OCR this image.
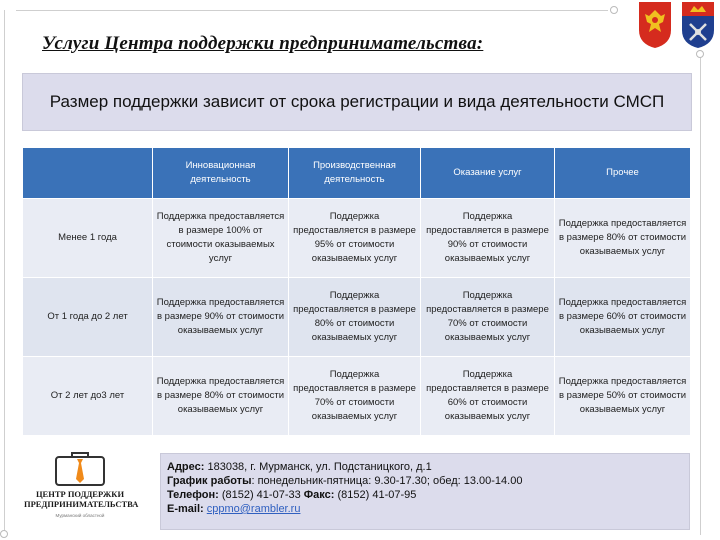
Услуги Центра поддержки предпринимательства:
Размер поддержки зависит от срока регистрации и вида деятельности СМСП
	Инновационная деятельность	Производственная деятельность	Оказание услуг	Прочее
Менее 1 года	Поддержка предоставляется в размере 100% от стоимости оказываемых услуг	Поддержка предоставляется в размере 95% от стоимости оказываемых услуг	Поддержка предоставляется в размере 90% от стоимости оказываемых услуг	Поддержка предоставляется в размере 80% от стоимости оказываемых услуг
От 1 года до 2 лет	Поддержка предоставляется в размере 90% от стоимости оказываемых услуг	Поддержка предоставляется в размере 80% от стоимости оказываемых услуг	Поддержка предоставляется в размере 70% от стоимости оказываемых услуг	Поддержка предоставляется в размере 60% от стоимости оказываемых услуг
От 2 лет до3 лет	Поддержка предоставляется в размере 80% от стоимости оказываемых услуг	Поддержка предоставляется в размере 70% от стоимости оказываемых услуг	Поддержка предоставляется в размере 60% от стоимости оказываемых услуг	Поддержка предоставляется в размере 50% от стоимости оказываемых услуг
ЦЕНТР ПОДДЕРЖКИ
ПРЕДПРИНИМАТЕЛЬСТВА
Мурманский областной
Адрес: 183038, г. Мурманск, ул. Подстаницкого, д.1
График работы: понедельник-пятница: 9.30-17.30; обед: 13.00-14.00
Телефон: (8152) 41-07-33 Факс: (8152) 41-07-95
E-mail: cppmo@rambler.ru
